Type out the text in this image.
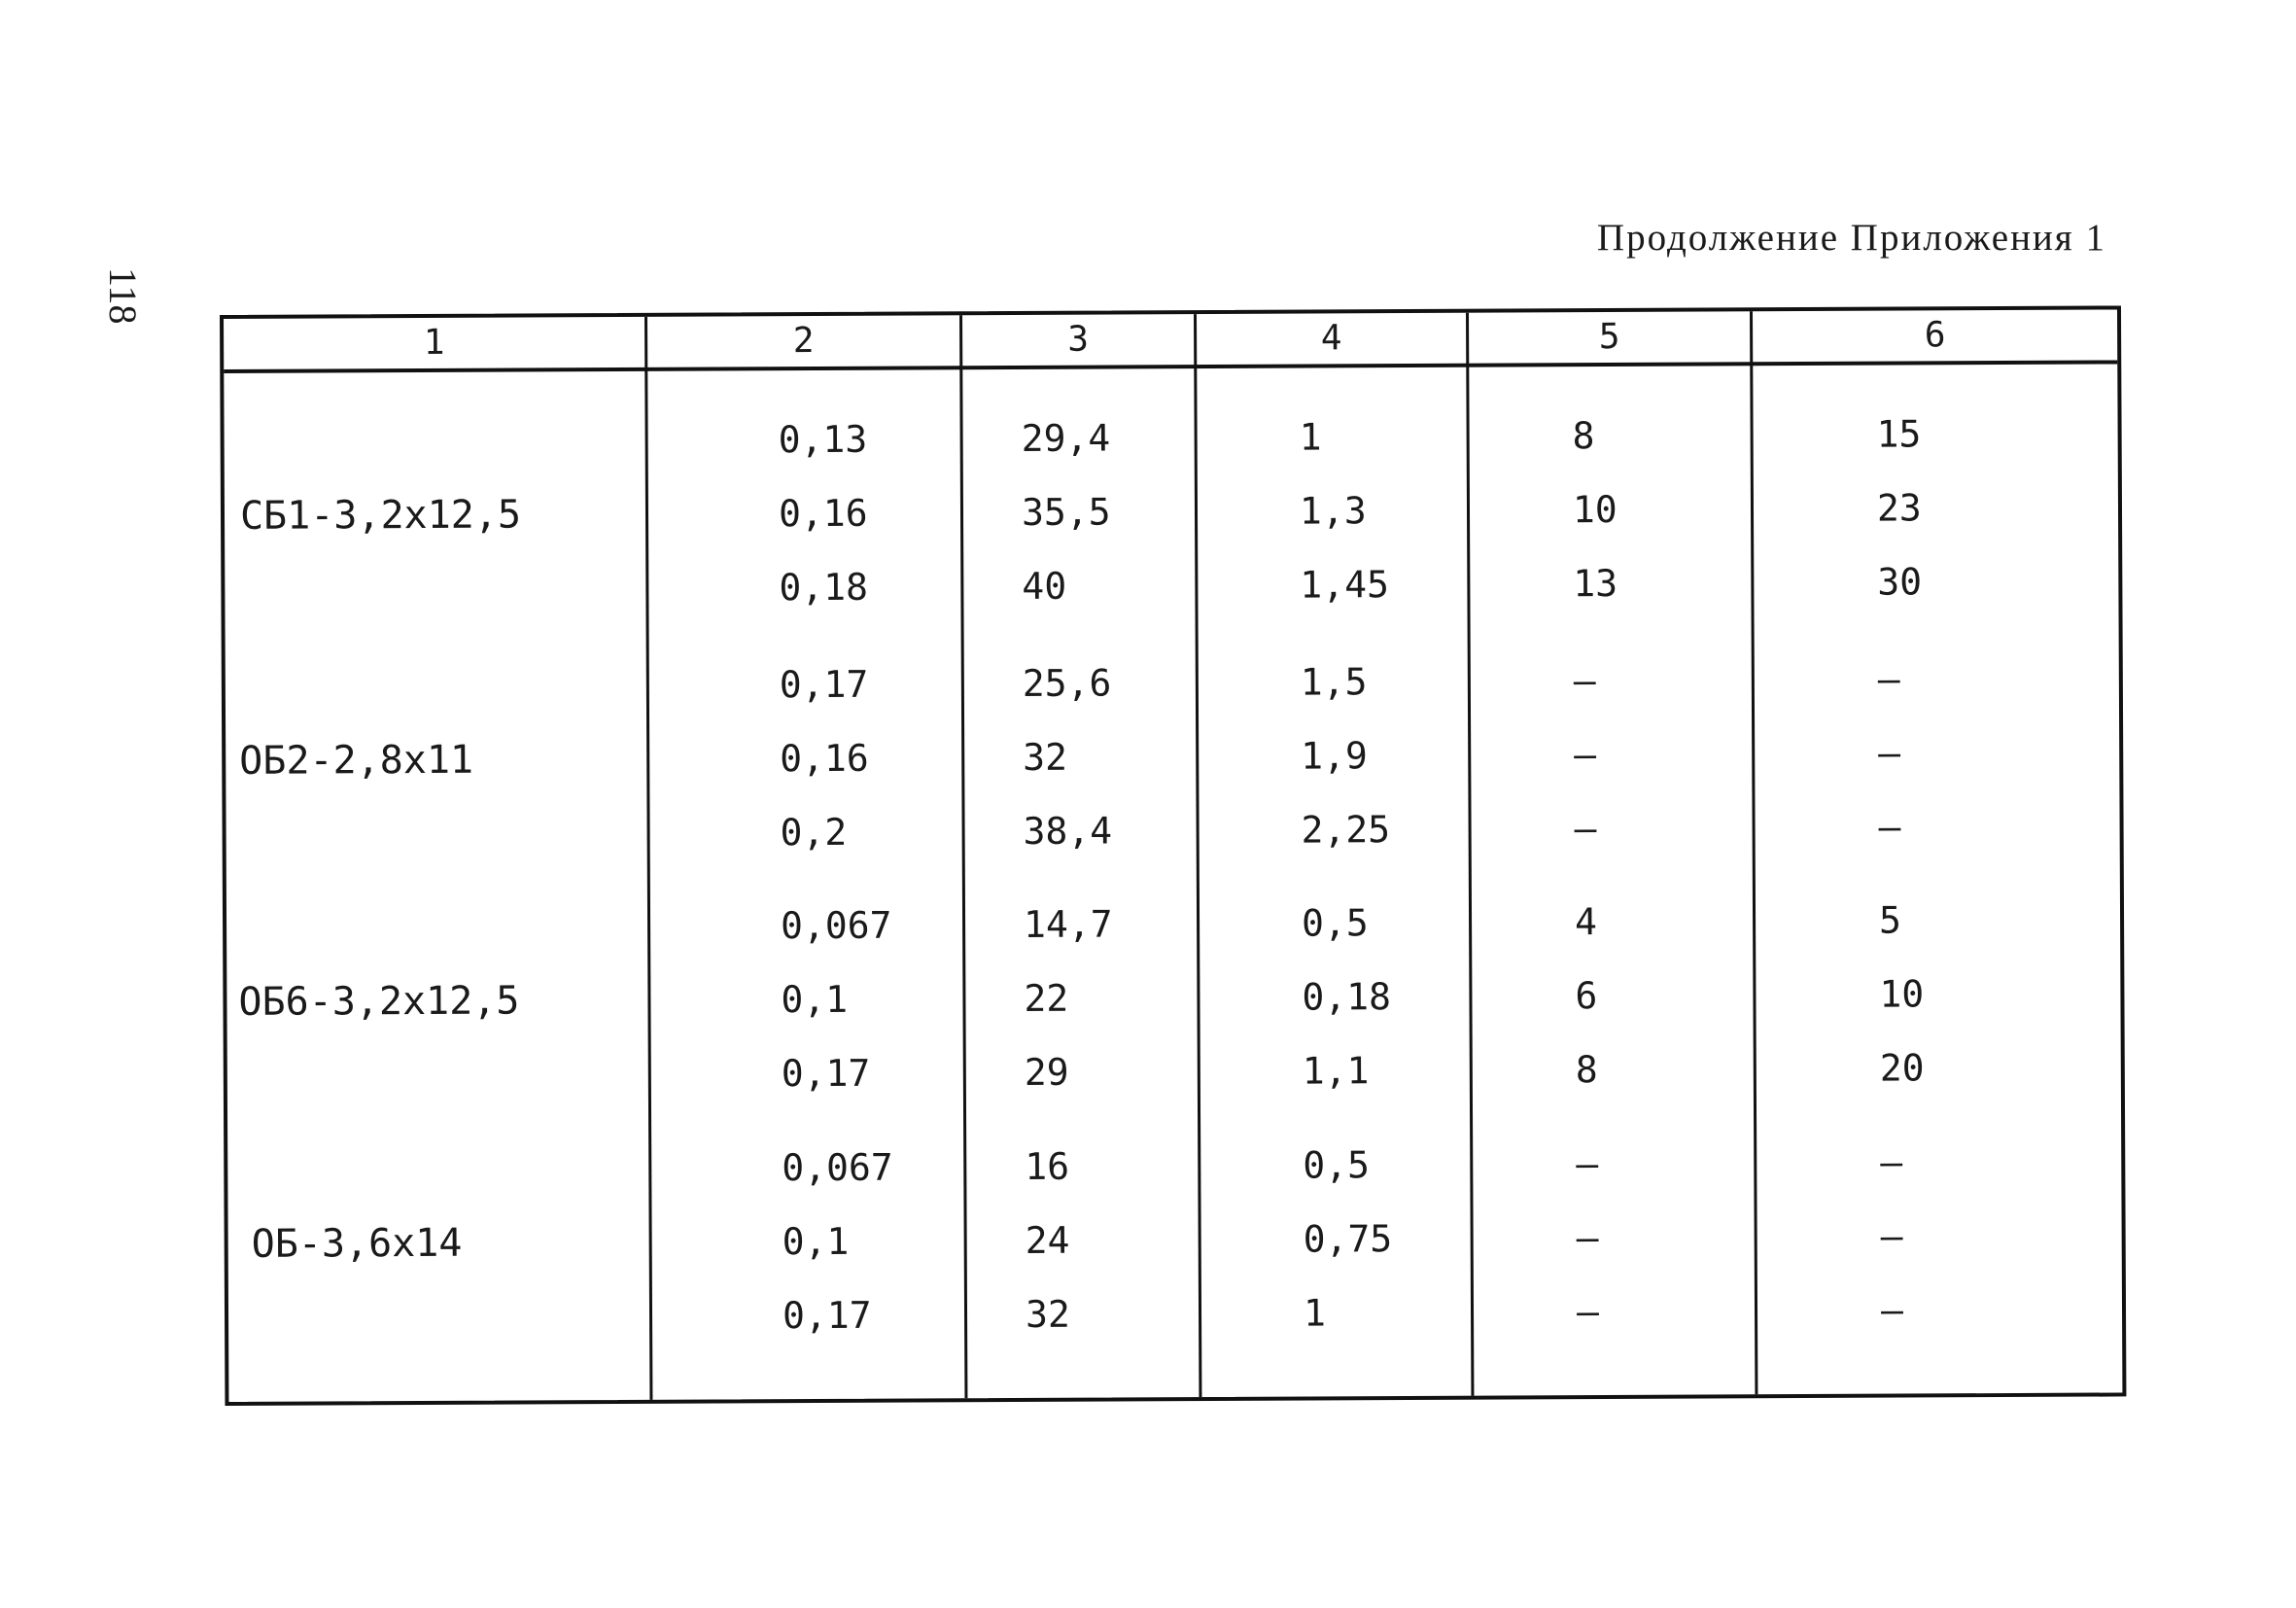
118
Продолжение Приложения 1
1	2	3	4	5	6
СБ1-3,2х12,5
0,13	29,4	1	8	15
0,16	35,5	1,3	10	23
0,18	40	1,45	13	30
ОБ2-2,8х11
0,17	25,6	1,5	–	–
0,16	32	1,9	–	–
0,2	38,4	2,25	–	–
ОБ6-3,2х12,5
0,067	14,7	0,5	4	5
0,1	22	0,18	6	10
0,17	29	1,1	8	20
ОБ-3,6х14
0,067	16	0,5	–	–
0,1	24	0,75	–	–
0,17	32	1	–	–
